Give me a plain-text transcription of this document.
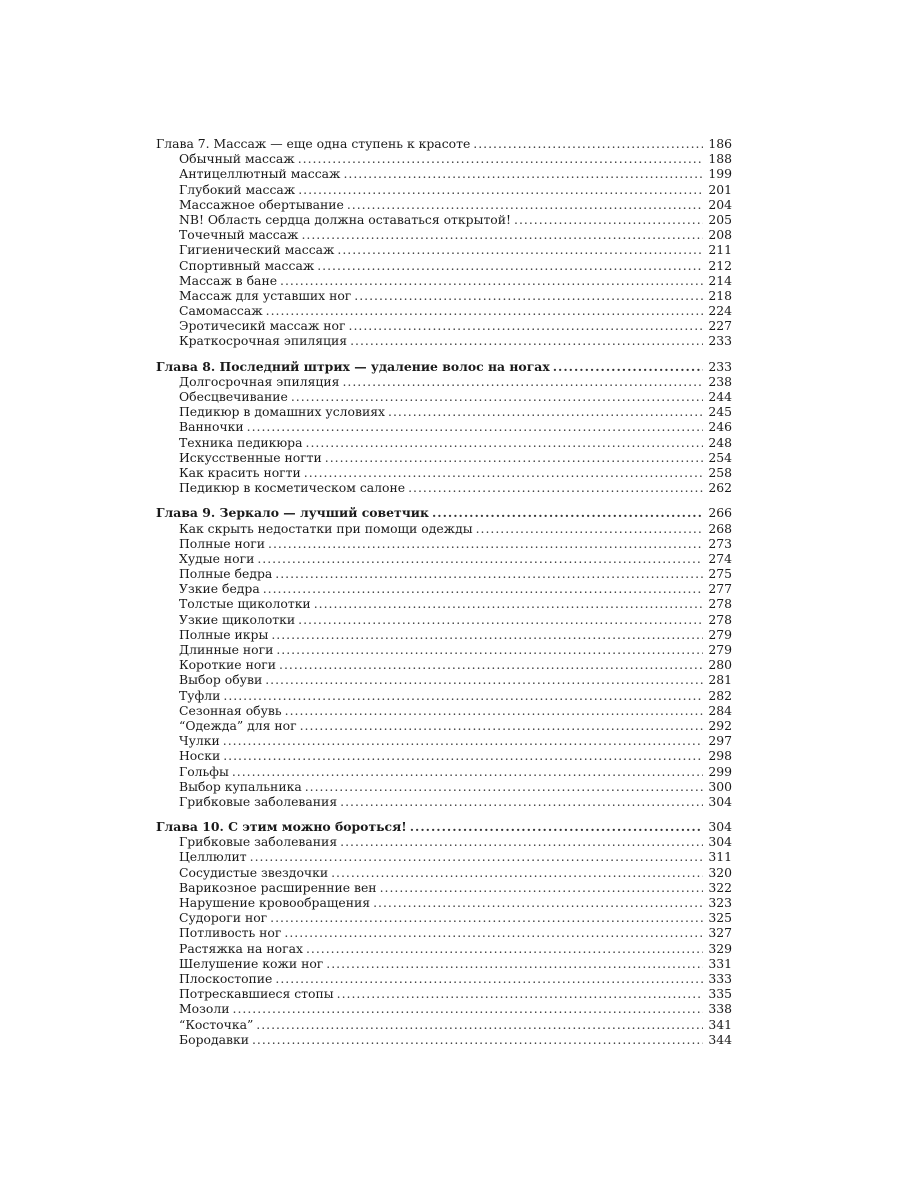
Глава 7. Массаж — еще одна ступень к красоте .....	186
Обычный массаж .....	188
Антицеллютный массаж .....	199
Глубокий массаж .....	201
Массажное обертывание .....	204
NB! Область сердца должна оставаться открытой! .....	205
Точечный массаж .....	208
Гигиенический массаж .....	211
Спортивный массаж .....	212
Массаж в бане .....	214
Массаж для уставших ног .....	218
Самомассаж .....	224
Эротичесикй массаж ног .....	227
Краткосрочная эпиляция .....	233
Глава 8. Последний штрих — удаление волос на ногах .....	233
Долгосрочная эпиляция .....	238
Обесцвечивание .....	244
Педикюр в домашних условиях .....	245
Ванночки .....	246
Техника педикюра .....	248
Искусственные ногти .....	254
Как красить ногти .....	258
Педикюр в косметическом салоне .....	262
Глава 9. Зеркало — лучший советчик .....	266
Как скрыть недостатки при помощи одежды .....	268
Полные ноги .....	273
Худые ноги .....	274
Полные бедра .....	275
Узкие бедра .....	277
Толстые щиколотки .....	278
Узкие щиколотки .....	278
Полные икры .....	279
Длинные ноги .....	279
Короткие ноги .....	280
Выбор обуви .....	281
Туфли .....	282
Сезонная обувь .....	284
“Одежда” для ног .....	292
Чулки .....	297
Носки .....	298
Гольфы .....	299
Выбор купальника .....	300
Грибковые заболевания .....	304
Глава 10. С этим можно бороться! .....	304
Грибковые заболевания .....	304
Целлюлит .....	311
Сосудистые звездочки .....	320
Варикозное расширенние вен .....	322
Нарушение кровообращения .....	323
Судороги ног .....	325
Потливость ног .....	327
Растяжка на ногах .....	329
Шелушение кожи ног .....	331
Плоскостопие .....	333
Потрескавшиеся стопы .....	335
Мозоли .....	338
“Косточка” .....	341
Бородавки .....	344
